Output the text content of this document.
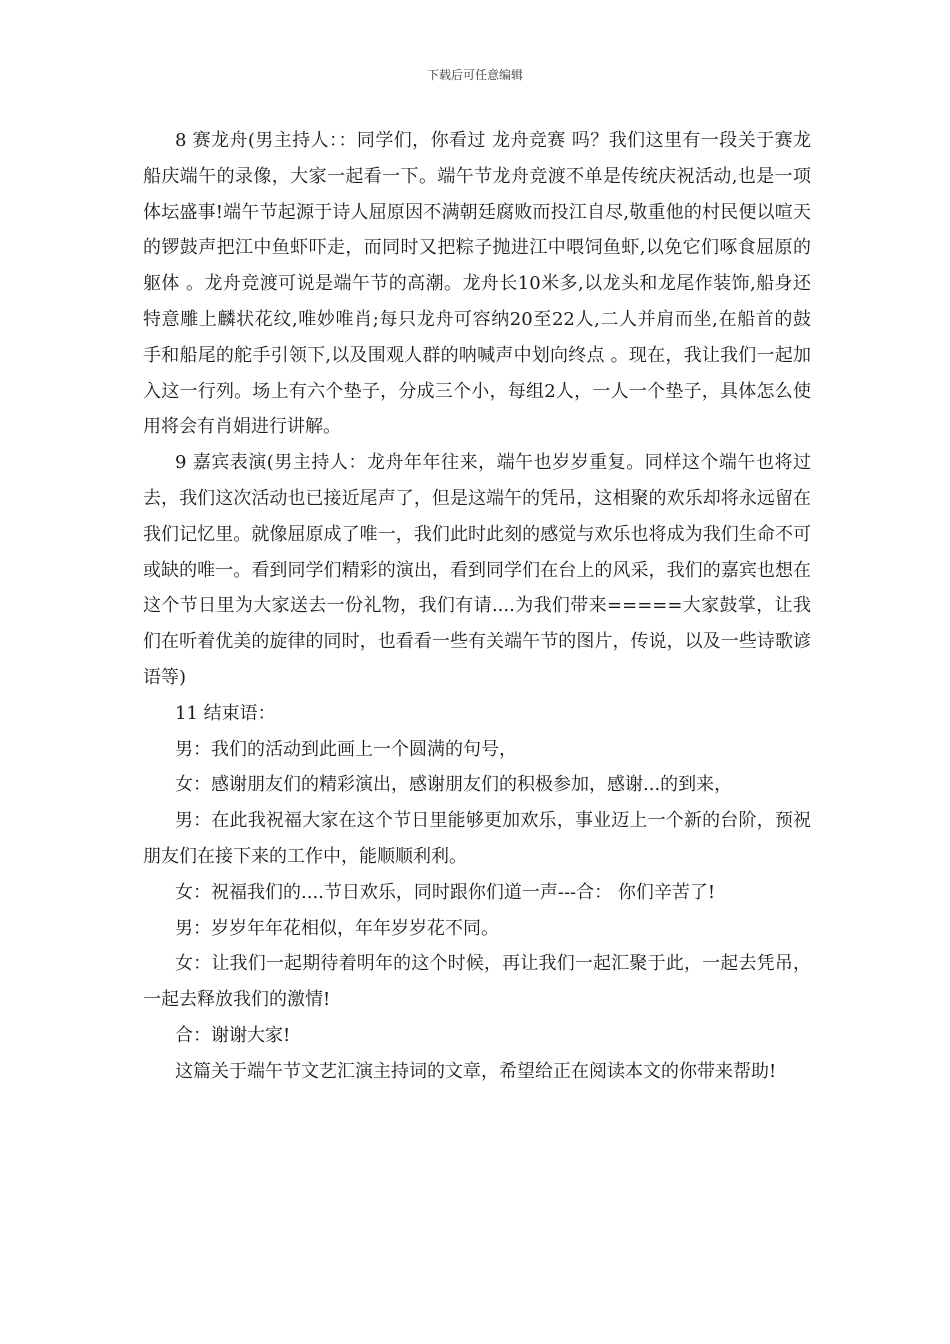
下载后可任意编辑

8 赛龙舟(男主持人：：同学们，你看过 龙舟竞赛 吗？我们这里有一段关于赛龙船庆端午的录像，大家一起看一下。端午节龙舟竞渡不单是传统庆祝活动,也是一项体坛盛事!端午节起源于诗人屈原因不满朝廷腐败而投江自尽,敬重他的村民便以喧天的锣鼓声把江中鱼虾吓走，而同时又把粽子抛进江中喂饲鱼虾,以免它们啄食屈原的躯体 。龙舟竞渡可说是端午节的高潮。龙舟长10米多,以龙头和龙尾作装饰,船身还特意雕上麟状花纹,唯妙唯肖;每只龙舟可容纳20至22人,二人并肩而坐,在船首的鼓 手和船尾的舵手引领下,以及围观人群的呐喊声中划向终点 。现在，我让我们一起加入这一行列。场上有六个垫子，分成三个小，每组2人，一人一个垫子，具体怎么使用将会有肖娟进行讲解。

9 嘉宾表演(男主持人：龙舟年年往来，端午也岁岁重复。同样这个端午也将过去，我们这次活动也已接近尾声了，但是这端午的凭吊，这相聚的欢乐却将永远留在我们记忆里。就像屈原成了唯一，我们此时此刻的感觉与欢乐也将成为我们生命不可或缺的唯一。看到同学们精彩的演出，看到同学们在台上的风采，我们的嘉宾也想在这个节日里为大家送去一份礼物，我们有请....为我们带来=====大家鼓掌，让我们在听着优美的旋律的同时，也看看一些有关端午节的图片，传说，以及一些诗歌谚语等)

11 结束语：

男：我们的活动到此画上一个圆满的句号，

女：感谢朋友们的精彩演出，感谢朋友们的积极参加，感谢...的到来，

男：在此我祝福大家在这个节日里能够更加欢乐，事业迈上一个新的台阶，预祝朋友们在接下来的工作中，能顺顺利利。

女：祝福我们的....节日欢乐，同时跟你们道一声---合： 你们辛苦了!

男：岁岁年年花相似，年年岁岁花不同。

女：让我们一起期待着明年的这个时候，再让我们一起汇聚于此，一起去凭吊，一起去释放我们的激情!

合：谢谢大家!

这篇关于端午节文艺汇演主持词的文章，希望给正在阅读本文的你带来帮助!
